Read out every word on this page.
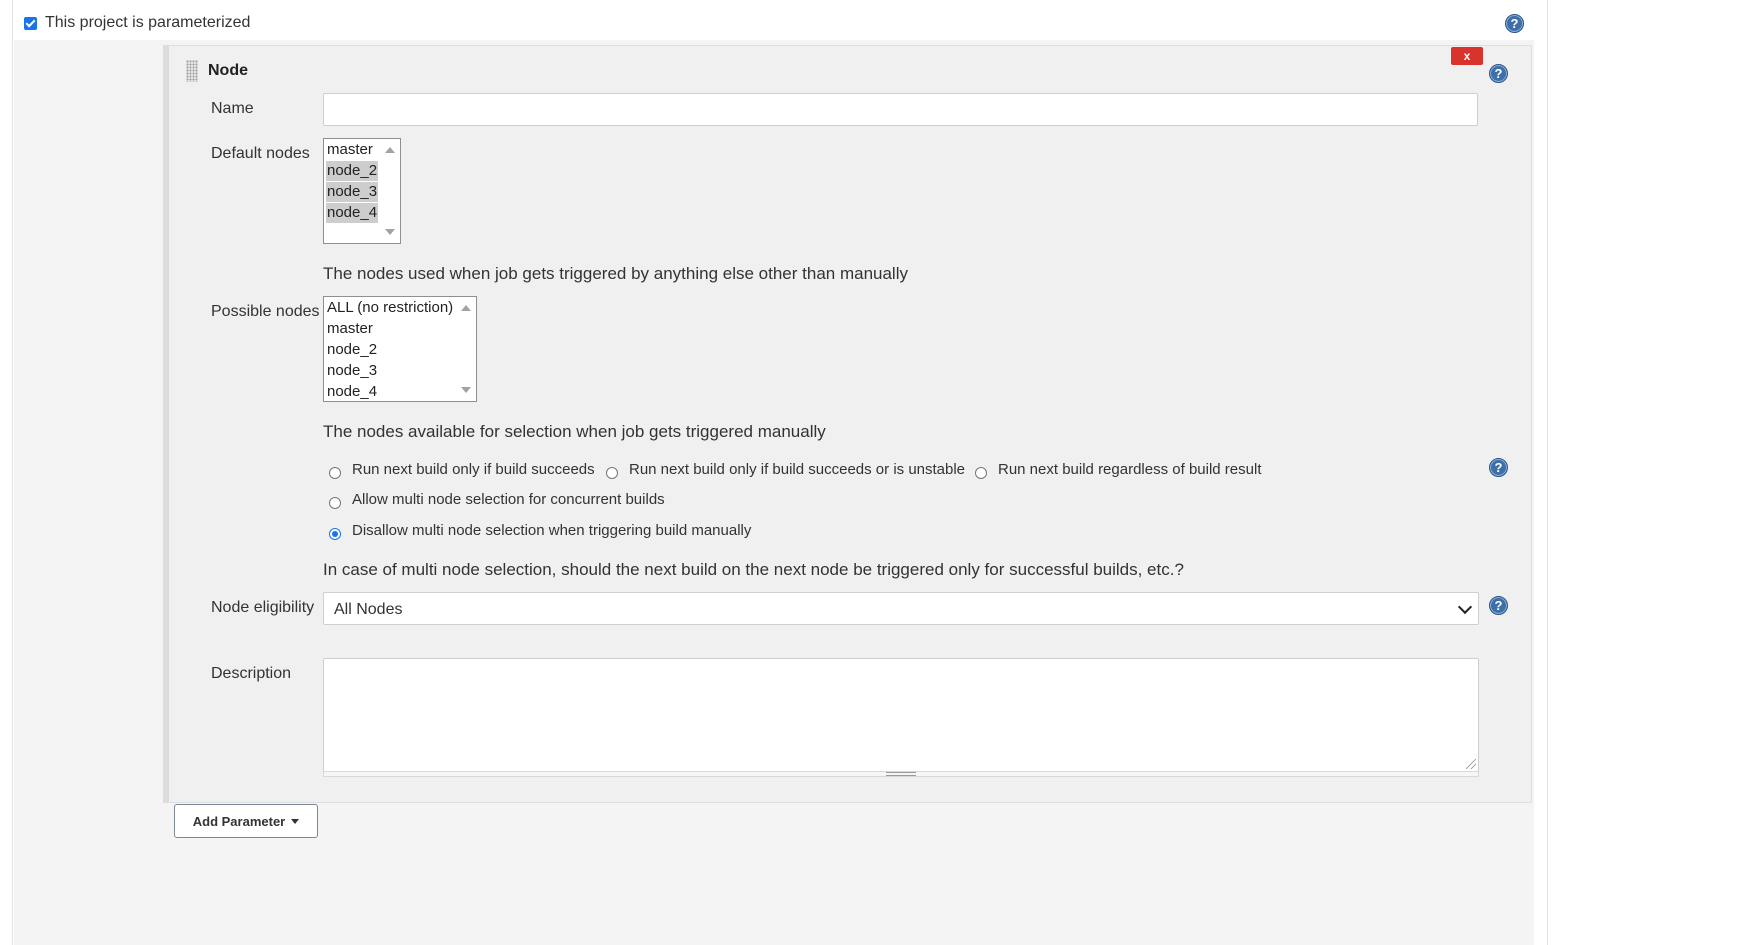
This project is parameterized	?
Node
x
?
Name
Default nodes master
node_2
node_3
node_4
The nodes used when job gets triggered by anything else other than manually
Possible nodes ALL (no restriction)
master
node_2
node_3
node_4
The nodes available for selection when job gets triggered manually
Run next build only if build succeeds Run next build only if build succeeds or is unstable Run next build regardless of build result	?
Allow multi node selection for concurrent builds
Disallow multi node selection when triggering build manually
In case of multi node selection, should the next build on the next node be triggered only for successful builds, etc.?
Node eligibility All Nodes	?
Description
Add Parameter
